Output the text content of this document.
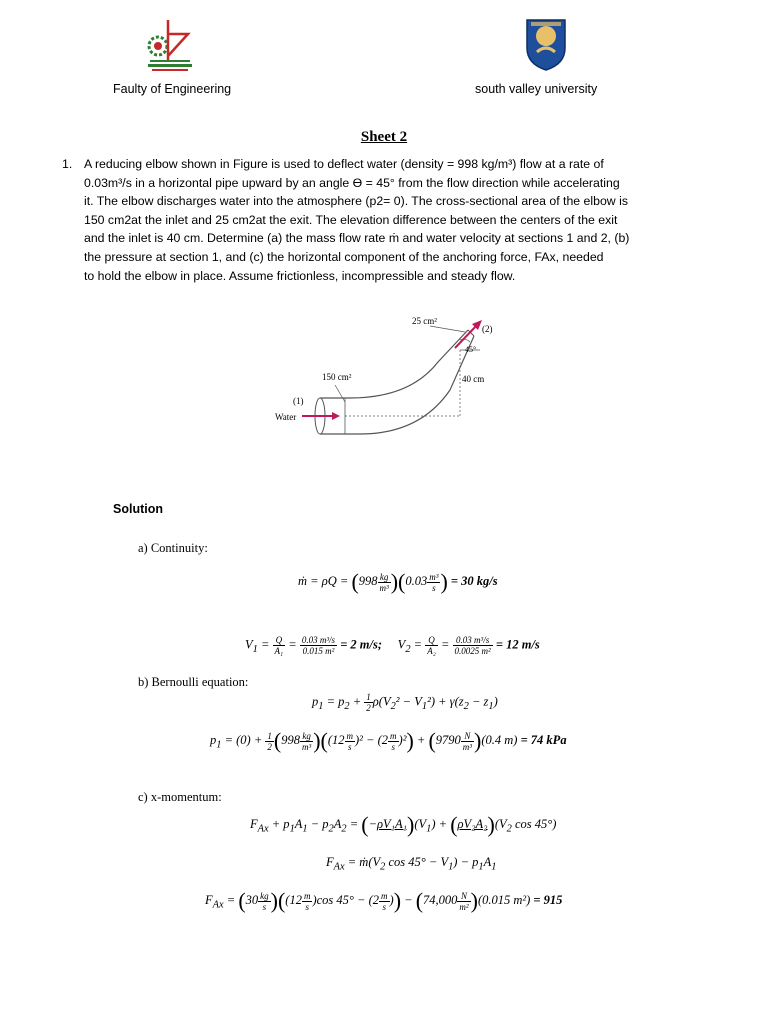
Faulty of Engineering	south valley university
Sheet 2
1. A reducing elbow shown in Figure is used to deflect water (density = 998 kg/m³) flow at a rate of
0.03m³/s in a horizontal pipe upward by an angle ϴ = 45° from the flow direction while accelerating
it. The elbow discharges water into the atmosphere (p2= 0). The cross-sectional area of the elbow is
150 cm2at the inlet and 25 cm2at the exit. The elevation difference between the centers of the exit
and the inlet is 40 cm. Determine (a) the mass flow rate ṁ and water velocity at sections 1 and 2, (b)
the pressure at section 1, and (c) the horizontal component of the anchoring force, FAx, needed
to hold the elbow in place. Assume frictionless, incompressible and steady flow.
25 cm²
(2)
45°
150 cm²	40 cm
(1)
Water
Solution
a) Continuity:
ṁ = $\rho Q = (998 \frac{kg}{\text{m³}} )(0.03 \frac{\text{m³}}{s}$ ) = 30 kg/s
$V_1 = \frac{Q}{\text{A₁}} = \frac{\text{0.03 m³/s}}{\text{0.015 m²}} = 2$ m/s;     $V_2 = \frac{Q}{\text{A₂}} = \frac{\text{0.03 m³/s}}{\text{0.0025 m²}} = 12$ m/s
b) Bernoulli equation:
$p_1 = p_2 + \frac{1}{2} \rho(V_2^2 - V_1^2) + \gamma(z_2 - z_1)$
$p_1 = (0) + \frac{1}{2} (998 \frac{kg}{\text{m³}} )((12 \frac{m}{s} )^2 - (2 \frac{m}{s} )^2) + (9790 \frac{N}{\text{m³}} )(0.4$ m) = 74 kPa
c) x-momentum:
$F_{Ax} + p_1A_1 - p_2A_2 = (-\rho V_1A_1)(V_1) + (\rho V_2A_2)(V_2$ cos 45°)
$F_{Ax}$ = $ṁ(V_2$ $\cos 45^\circ - V_1) - p_1A_1$
$F_{Ax} = (30 \frac{kg}{s} )((12 \frac{m}{s} )\cos$ $45^\circ - (2 \frac{m}{s}$ )) − $(74,000 \frac{N}{\text{m²}} )(0.015$ m²) = 915
